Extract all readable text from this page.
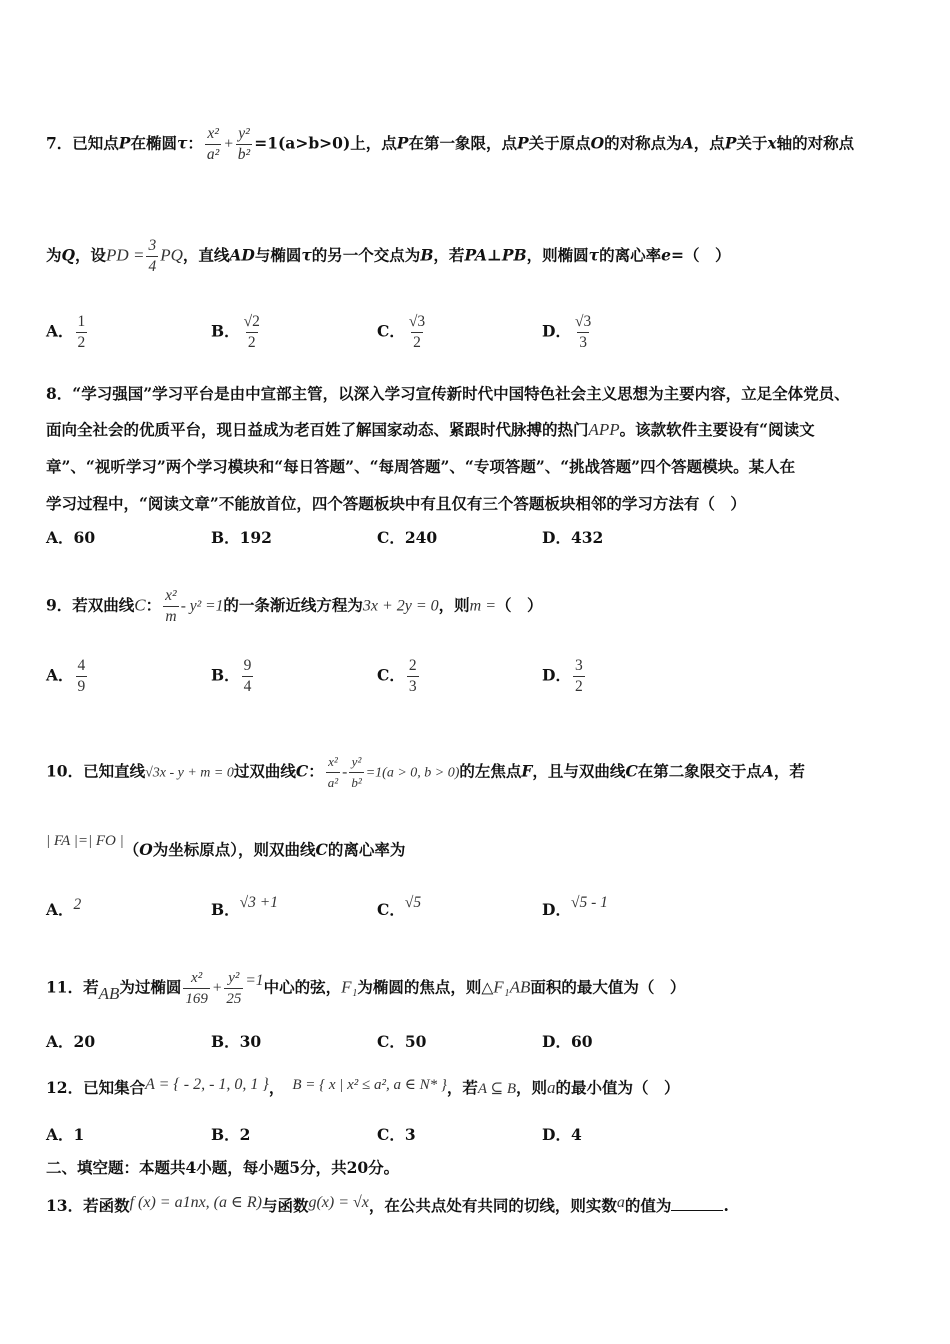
7．已知点P在椭圆τ： $\frac{\text{x²}}{\text{a²}} + \frac{\text{y²}}{\text{b²}} =1(a>b>0)$上，点P在第一象限，点P关于原点O的对称点为A，点P关于x轴的对称点
为Q，设PD = $\frac{3}{4}$ PQ，直线AD与椭圆τ的另一个交点为B，若PA⊥PB，则椭圆τ的离心率e=（　）
A． $\frac{1}{2}$	B． $\frac{√2}{2}$	C． $\frac{√3}{2}$	D． $\frac{√3}{3}$
8．“学习强国”学习平台是由中宣部主管，以深入学习宣传新时代中国特色社会主义思想为主要内容，立足全体党员、
面向全社会的优质平台，现日益成为老百姓了解国家动态、紧跟时代脉搏的热门APP。该款软件主要设有“阅读文
章”、“视听学习”两个学习模块和“每日答题”、“每周答题”、“专项答题”、“挑战答题”四个答题模块。某人在
学习过程中，“阅读文章”不能放首位，四个答题板块中有且仅有三个答题板块相邻的学习方法有（　）
A．60	B．192	C．240	D．432
9．若双曲线C： $\frac{\text{x²}}{m} - y^2 =1$的一条渐近线方程为3x + 2y = 0，则m =（　）
A． $\frac{4}{9}$	B． $\frac{9}{4}$	C． $\frac{2}{3}$	D． $\frac{3}{2}$
10．已知直线√3x - y + m = 0过双曲线C： $\frac{\text{x²}}{\text{a²}} - \frac{\text{y²}}{\text{b²}} =1(a > 0$, b > 0)的左焦点F，且与双曲线C在第二象限交于点A，若
| FA |=| FO |（O为坐标原点），则双曲线C的离心率为
A．2	B．√3 +1	C．√5	D．√5 - 1
11．若AB为过椭圆 $\frac{\text{x²}}{169} + \frac{\text{y²}}{25} =1$中心的弦，F₁为椭圆的焦点，则△F₁AB面积的最大值为（　）
A．20	B．30	C．50	D．60
12．已知集合A = { - 2, - 1, 0, 1 }， B = { x | x² ≤ a², a ∈ N* }，若A ⊆ B，则a的最小值为（　）
A．1	B．2	C．3	D．4
二、填空题：本题共4小题，每小题5分，共20分。
13．若函数f (x) = a1nx, (a ∈ R)与函数g(x) = √x，在公共点处有共同的切线，则实数a的值为	.
